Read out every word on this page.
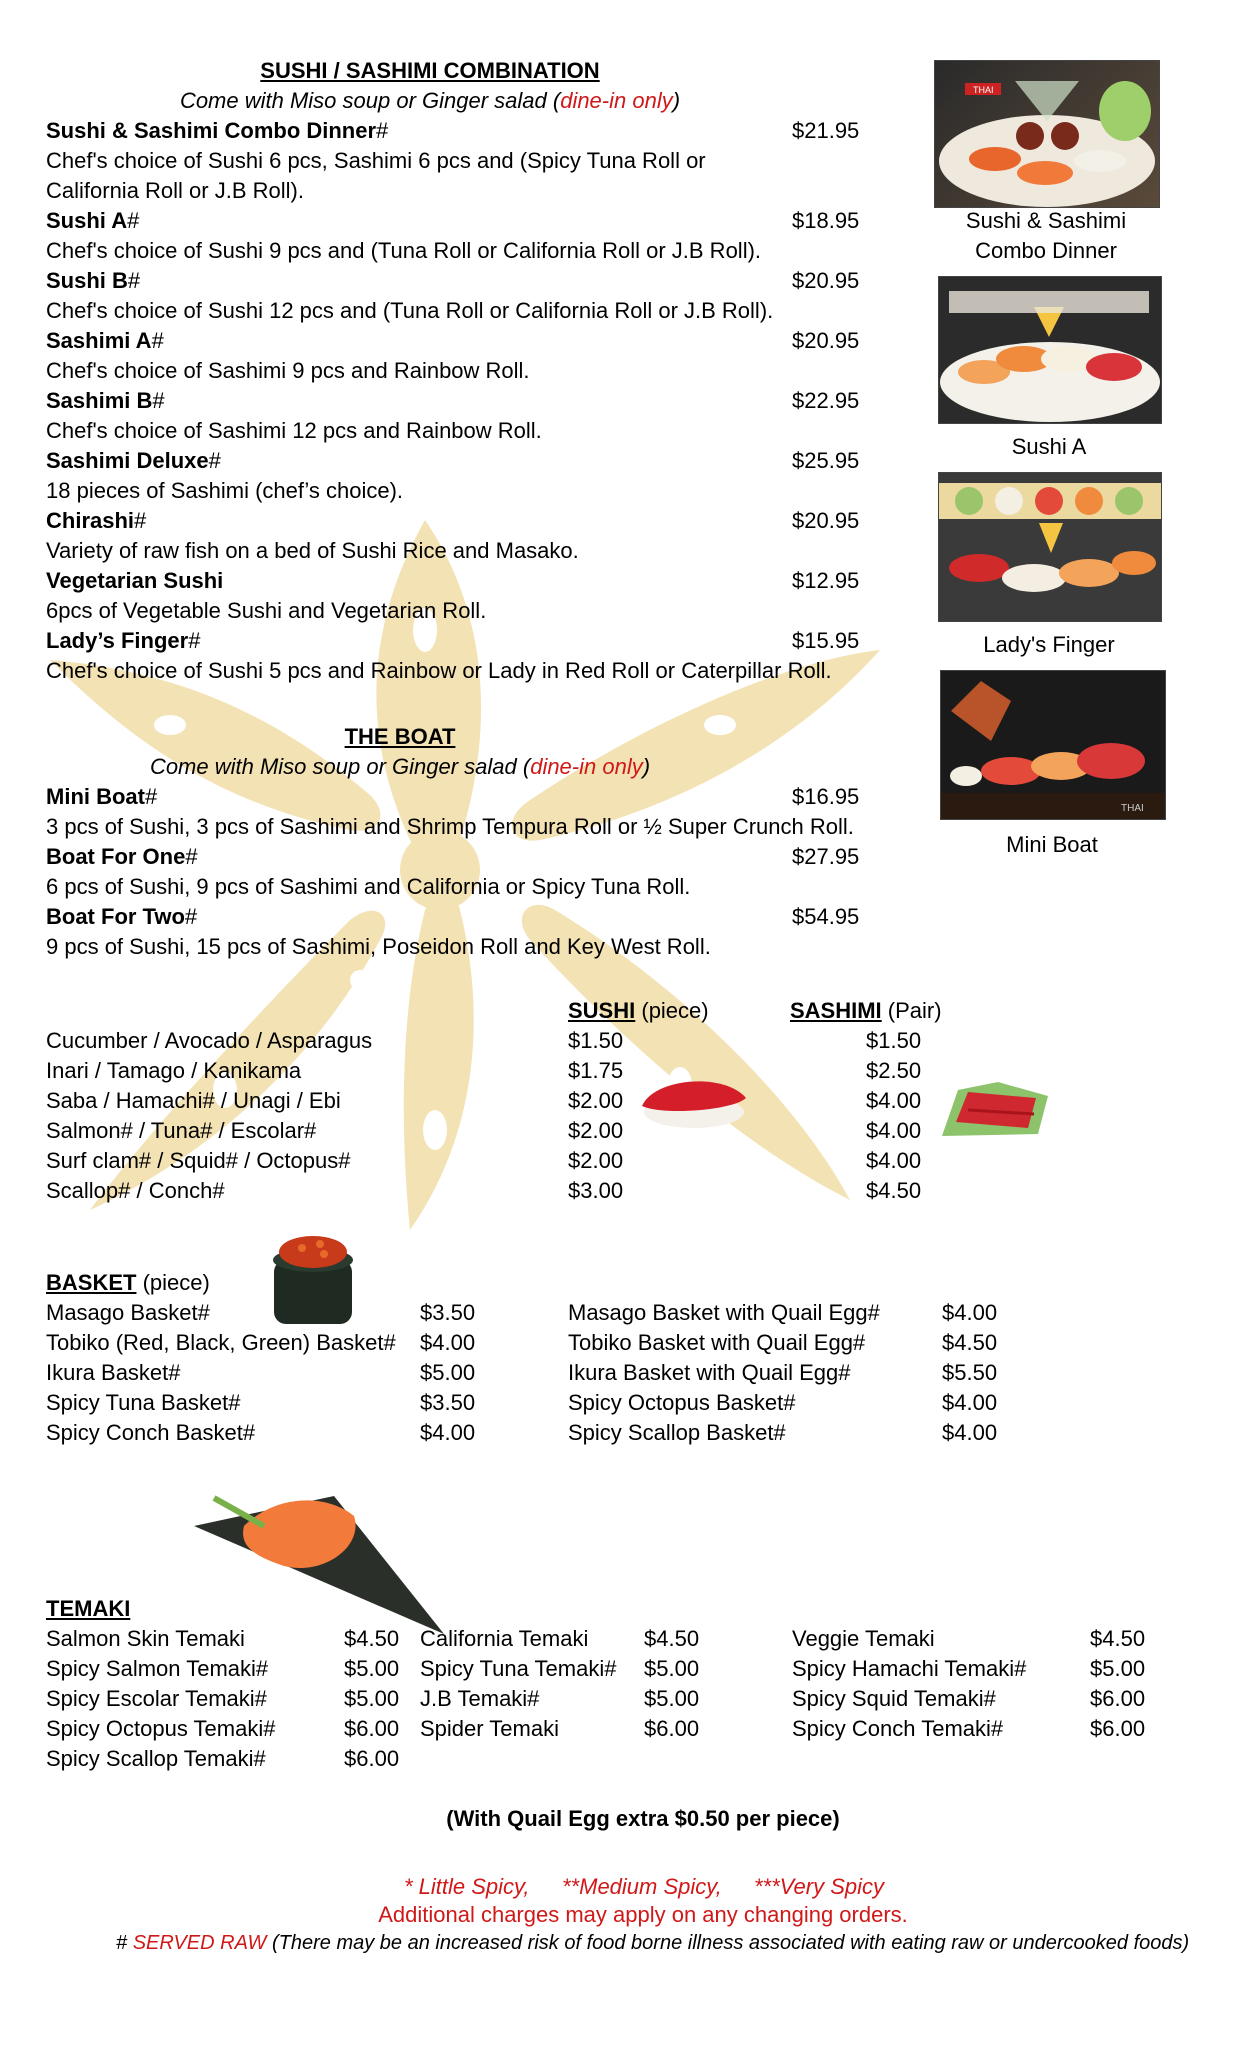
SUSHI / SASHIMI COMBINATION
Come with Miso soup or Ginger salad (dine-in only)
Sushi & Sashimi Combo Dinner#	$21.95
Chef's choice of Sushi 6 pcs, Sashimi 6 pcs and (Spicy Tuna Roll or
California Roll or J.B Roll).
Sushi A#	$18.95
Chef's choice of Sushi 9 pcs and (Tuna Roll or California Roll or J.B Roll).
Sushi B#	$20.95
Chef's choice of Sushi 12 pcs and (Tuna Roll or California Roll or J.B Roll).
Sashimi A#	$20.95
Chef's choice of Sashimi 9 pcs and Rainbow Roll.
Sashimi B#	$22.95
Chef's choice of Sashimi 12 pcs and Rainbow Roll.
Sashimi Deluxe#	$25.95
18 pieces of Sashimi (chef’s choice).
Chirashi#	$20.95
Variety of raw fish on a bed of Sushi Rice and Masako.
Vegetarian Sushi	$12.95
6pcs of Vegetable Sushi and Vegetarian Roll.
Lady’s Finger#	$15.95
Chef's choice of Sushi 5 pcs and Rainbow or Lady in Red Roll or Caterpillar Roll.
THE BOAT
Come with Miso soup or Ginger salad (dine-in only)
Mini Boat#	$16.95
3 pcs of Sushi, 3 pcs of Sashimi and Shrimp Tempura Roll or ½ Super Crunch Roll.
Boat For One#	$27.95
6 pcs of Sushi, 9 pcs of Sashimi and California or Spicy Tuna Roll.
Boat For Two#	$54.95
9 pcs of Sushi, 15 pcs of Sashimi, Poseidon Roll and Key West Roll.
THAI
Sushi & Sashimi
Combo Dinner
Sushi A
Lady's Finger
THAI
Mini Boat
SUSHI (piece)	SASHIMI (Pair)
Cucumber / Avocado / Asparagus	$1.50	$1.50
Inari / Tamago / Kanikama	$1.75	$2.50
Saba / Hamachi# / Unagi / Ebi	$2.00	$4.00
Salmon# / Tuna# / Escolar#	$2.00	$4.00
Surf clam# / Squid# / Octopus#	$2.00	$4.00
Scallop# / Conch#	$3.00	$4.50
BASKET (piece)
Masago Basket#	$3.50
Tobiko (Red, Black, Green) Basket# $4.00
Ikura Basket#	$5.00
Spicy Tuna Basket#	$3.50
Spicy Conch Basket#	$4.00
Masago Basket with Quail Egg#	$4.00
Tobiko Basket with Quail Egg#	$4.50
Ikura Basket with Quail Egg#	$5.50
Spicy Octopus Basket#	$4.00
Spicy Scallop Basket#	$4.00
TEMAKI
Salmon Skin Temaki	$4.50
Spicy Salmon Temaki#	$5.00
Spicy Escolar Temaki#	$5.00
Spicy Octopus Temaki#	$6.00
Spicy Scallop Temaki#	$6.00
California Temaki	$4.50
Spicy Tuna Temaki# $5.00
J.B Temaki#	$5.00
Spider Temaki	$6.00
Veggie Temaki	$4.50
Spicy Hamachi Temaki#	$5.00
Spicy Squid Temaki#	$6.00
Spicy Conch Temaki#	$6.00
(With Quail Egg extra $0.50 per piece)
* Little Spicy, **Medium Spicy, ***Very Spicy
Additional charges may apply on any changing orders.
# SERVED RAW (There may be an increased risk of food borne illness associated with eating raw or undercooked foods)
